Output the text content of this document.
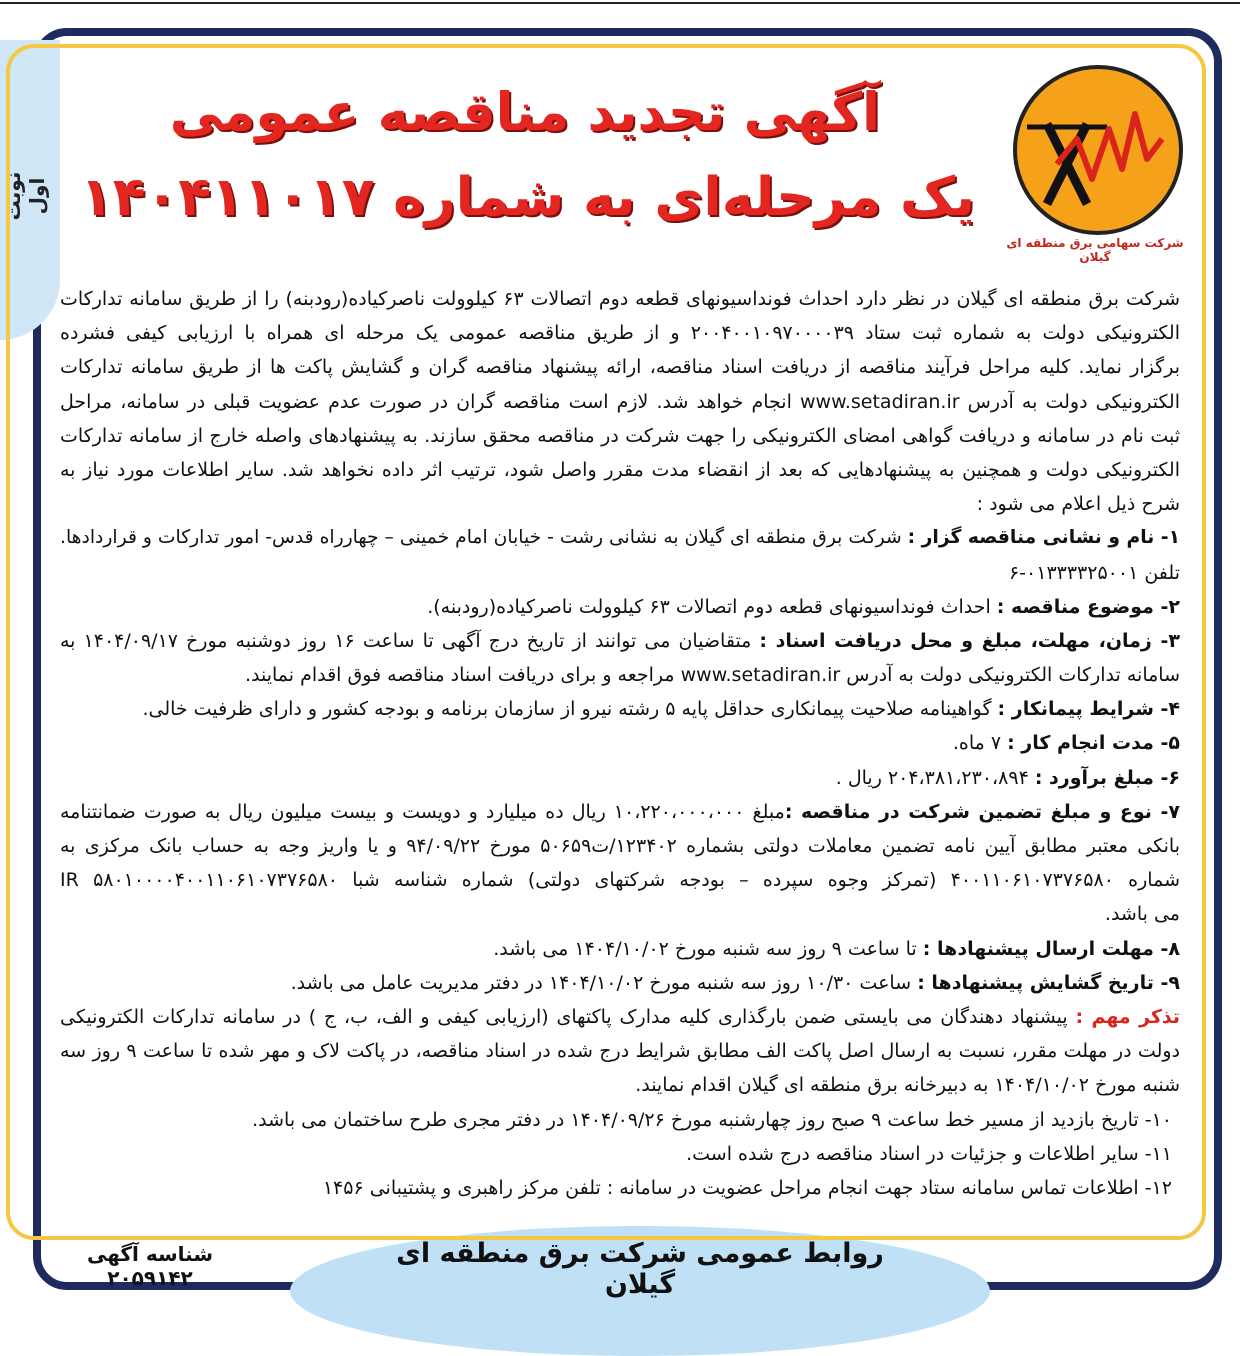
نوبت اول
آگهی تجدید مناقصه عمومی
یک مرحله‌ای به شماره ۱۴۰۴۱۱۰۱۷
شرکت سهامی برق منطقه ای گیلان
شرکت برق منطقه ای گیلان در نظر دارد احداث فونداسیونهای قطعه دوم اتصالات ۶۳ کیلوولت ناصرکیاده(رودبنه) را از طریق سامانه تدارکات
الکترونیکی دولت به شماره ثبت ستاد ۲۰۰۴۰۰۱۰۹۷۰۰۰۰۳۹ و از طریق مناقصه عمومی یک مرحله ای همراه با ارزیابی کیفی فشرده
برگزار نماید. کلیه مراحل فرآیند مناقصه از دریافت اسناد مناقصه، ارائه پیشنهاد مناقصه گران و گشایش پاکت ها از طریق سامانه تدارکات
الکترونیکی دولت به آدرس www.setadiran.ir انجام خواهد شد. لازم است مناقصه گران در صورت عدم عضویت قبلی در سامانه، مراحل
ثبت نام در سامانه و دریافت گواهی امضای الکترونیکی را جهت شرکت در مناقصه محقق سازند. به پیشنهادهای واصله خارج از سامانه تدارکات
الکترونیکی دولت و همچنین به پیشنهادهایی که بعد از انقضاء مدت مقرر واصل شود، ترتیب اثر داده نخواهد شد. سایر اطلاعات مورد نیاز به
شرح ذیل اعلام می شود :
۱- نام و نشانی مناقصه گزار : شرکت برق منطقه ای گیلان به نشانی رشت - خیابان امام خمینی – چهارراه قدس- امور تدارکات و قراردادها.
تلفن ۰۱۳۳۳۳۲۵۰۰۱-۶
۲- موضوع مناقصه : احداث فونداسیونهای قطعه دوم اتصالات ۶۳ کیلوولت ناصرکیاده(رودبنه).
۳- زمان، مهلت، مبلغ و محل دریافت اسناد : متقاضیان می توانند از تاریخ درج آگهی تا ساعت ۱۶ روز دوشنبه مورخ ۱۴۰۴/۰۹/۱۷ به
سامانه تدارکات الکترونیکی دولت به آدرس www.setadiran.ir مراجعه و برای دریافت اسناد مناقصه فوق اقدام نمایند.
۴- شرایط پیمانکار : گواهینامه صلاحیت پیمانکاری حداقل پایه ۵ رشته نیرو از سازمان برنامه و بودجه کشور و دارای ظرفیت خالی.
۵- مدت انجام کار : ۷ ماه.
۶- مبلغ برآورد : ۲۰۴،۳۸۱،۲۳۰،۸۹۴ ریال .
۷- نوع و مبلغ تضمین شرکت در مناقصه :مبلغ ۱۰،۲۲۰،۰۰۰،۰۰۰ ریال ده میلیارد و دویست و بیست میلیون ریال به صورت ضمانتنامه
بانکی معتبر مطابق آیین نامه تضمین معاملات دولتی بشماره ۱۲۳۴۰۲/ت۵۰۶۵۹ مورخ ۹۴/۰۹/۲۲ و یا واریز وجه به حساب بانک مرکزی به
شماره ۴۰۰۱۱۰۶۱۰۷۳۷۶۵۸۰ (تمرکز وجوه سپرده – بودجه شرکتهای دولتی) شماره شناسه شبا IR ۵۸۰۱۰۰۰۰۴۰۰۱۱۰۶۱۰۷۳۷۶۵۸۰
می باشد.
۸- مهلت ارسال پیشنهادها : تا ساعت ۹ روز سه شنبه مورخ ۱۴۰۴/۱۰/۰۲ می باشد.
۹- تاریخ گشایش پیشنهادها : ساعت ۱۰/۳۰ روز سه شنبه مورخ ۱۴۰۴/۱۰/۰۲ در دفتر مدیریت عامل می باشد.
تذکر مهم : پیشنهاد دهندگان می بایستی ضمن بارگذاری کلیه مدارک پاکتهای (ارزیابی کیفی و الف، ب، ج ) در سامانه تدارکات الکترونیکی
دولت در مهلت مقرر، نسبت به ارسال اصل پاکت الف مطابق شرایط درج شده در اسناد مناقصه، در پاکت لاک و مهر شده تا ساعت ۹ روز سه
شنبه مورخ ۱۴۰۴/۱۰/۰۲ به دبیرخانه برق منطقه ای گیلان اقدام نمایند.
۱۰- تاریخ بازدید از مسیر خط ساعت ۹ صبح روز چهارشنبه مورخ ۱۴۰۴/۰۹/۲۶ در دفتر مجری طرح ساختمان می باشد.
۱۱- سایر اطلاعات و جزئیات در اسناد مناقصه درج شده است.
۱۲- اطلاعات تماس سامانه ستاد جهت انجام مراحل عضویت در سامانه : تلفن مرکز راهبری و پشتیبانی ۱۴۵۶
روابط عمومی شرکت برق منطقه ای گیلان
شناسه آگهی ۲۰۵۹۱۴۲
